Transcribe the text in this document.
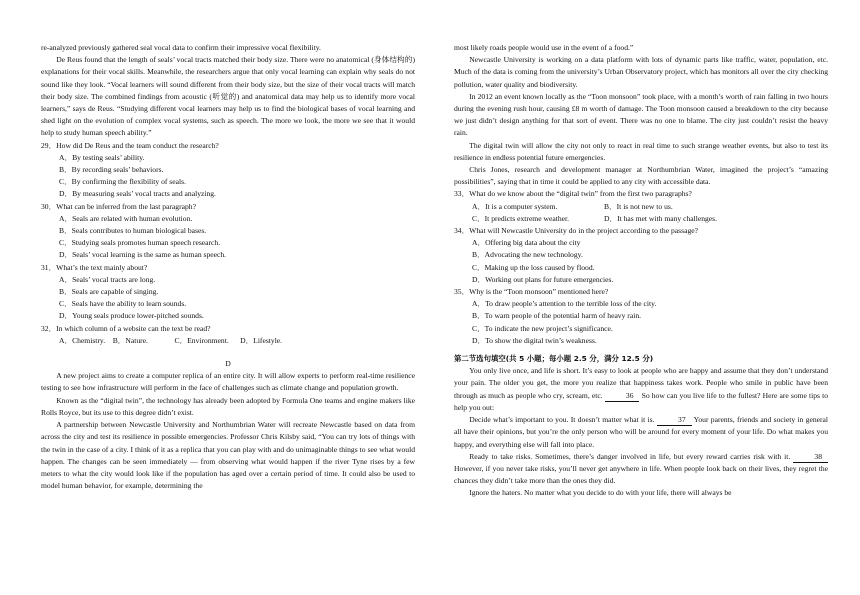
re-analyzed previously gathered seal vocal data to confirm their impressive vocal flexibility.

De Reus found that the length of seals’ vocal tracts matched their body size. There were no anatomical (身体结构的) explanations for their vocal skills. Meanwhile, the researchers argue that only vocal learning can explain why seals do not sound like they look. “Vocal learners will sound different from their body size, but the size of their vocal tracts will match their body size. The combined findings from acoustic (听觉的) and anatomical data may help us to identify more vocal learners,” says de Reus. “Studying different vocal learners may help us to find the biological bases of vocal learning and shed light on the evolution of complex vocal systems, such as speech. The more we look, the more we see that it would help to study human speech ability.”

29．How did De Reus and the team conduct the research?

A．By testing seals’ ability.

B．By recording seals’ behaviors.

C．By confirming the flexibility of seals.

D．By measuring seals’ vocal tracts and analyzing.

30．What can be inferred from the last paragraph?

A．Seals are related with human evolution.

B．Seals contributes to human biological bases.

C．Studying seals promotes human speech research.

D．Seals’ vocal learning is the same as human speech.

31．What’s the text mainly about?

A．Seals’ vocal tracts are long.

B．Seals are capable of singing.

C．Seals have the ability to learn sounds.

D．Young seals produce lower-pitched sounds.

32．In which column of a website can the text be read?

A．Chemistry.    B．Nature.              C．Environment.      D．Lifestyle.

D

A new project aims to create a computer replica of an entire city. It will allow experts to perform real-time resilience testing to see how infrastructure will perform in the face of challenges such as climate change and population growth.

Known as the “digital twin”, the technology has already been adopted by Formula One teams and engine makers like Rolls Royce, but its use to this degree didn’t exist.

A partnership between Newcastle University and Northumbrian Water will recreate Newcastle based on data from across the city and test its resilience in possible emergencies. Professor Chris Kilsby said, “You can try lots of things with the twin in the case of a city. I think of it as a replica that you can play with and do unimaginable things to see what would happen. The changes can be seen immediately — from observing what would happen if the river Tyne rises by a few meters to what the city would look like if the population has aged over a certain period of time. It could also be used to model human behavior, for example, determining the

most likely roads people would use in the event of a food.”

Newcastle University is working on a data platform with lots of dynamic parts like traffic, water, population, etc. Much of the data is coming from the university’s Urban Observatory project, which has monitors all over the city checking pollution, water quality and biodiversity.

In 2012 an event known locally as the “Toon monsoon” took place, with a month’s worth of rain falling in two hours during the evening rush hour, causing £8 m worth of damage. The Toon monsoon caused a breakdown to the city because we just didn’t design anything for that sort of event. There was no one to blame. The city just couldn’t resist the heavy rain.

The digital twin will allow the city not only to react in real time to such strange weather events, but also to test its resilience in endless potential future emergencies.

Chris Jones, research and development manager at Northumbrian Water, imagined the project’s “amazing possibilities”, saying that in time it could be applied to any city with accessible data.

33．What do we know about the “digital twin” from the first two paragraphs?

A．It is a computer system.	B．It is not new to us.
C．It predicts extreme weather.	D．It has met with many challenges.

34．What will Newcastle University do in the project according to the passage?

A．Offering big data about the city

B．Advocating the new technology.

C．Making up the loss caused by flood.

D．Working out plans for future emergencies.

35．Why is the “Toon monsoon” mentioned here?

A．To draw people’s attention to the terrible loss of the city.

B．To warn people of the potential harm of heavy rain.

C．To indicate the new project’s significance.

D．To show the digital twin’s weakness.

第二节选句填空(共 5 小题；每小题 2.5 分，满分 12.5 分)

You only live once, and life is short. It’s easy to look at people who are happy and assume that they don’t understand your pain. The older you get, the more you realize that happiness takes work. People who smile in public have been through as much as people who cry, scream, etc.	36 So how can you live life to the fullest? Here are some tips to help you out:

Decide what’s important to you. It doesn’t matter what it is.	37 Your parents, friends and society in general all have their opinions, but you’re the only person who will be around for every moment of your life. Do what makes you happy, and everything else will fall into place.

Ready to take risks. Sometimes, there’s danger involved in life, but every reward carries risk with it.	38 However, if you never take risks, you’ll never get anywhere in life. When people look back on their lives, they regret the chances they didn’t take more than the ones they did.

Ignore the haters. No matter what you decide to do with your life, there will always be
